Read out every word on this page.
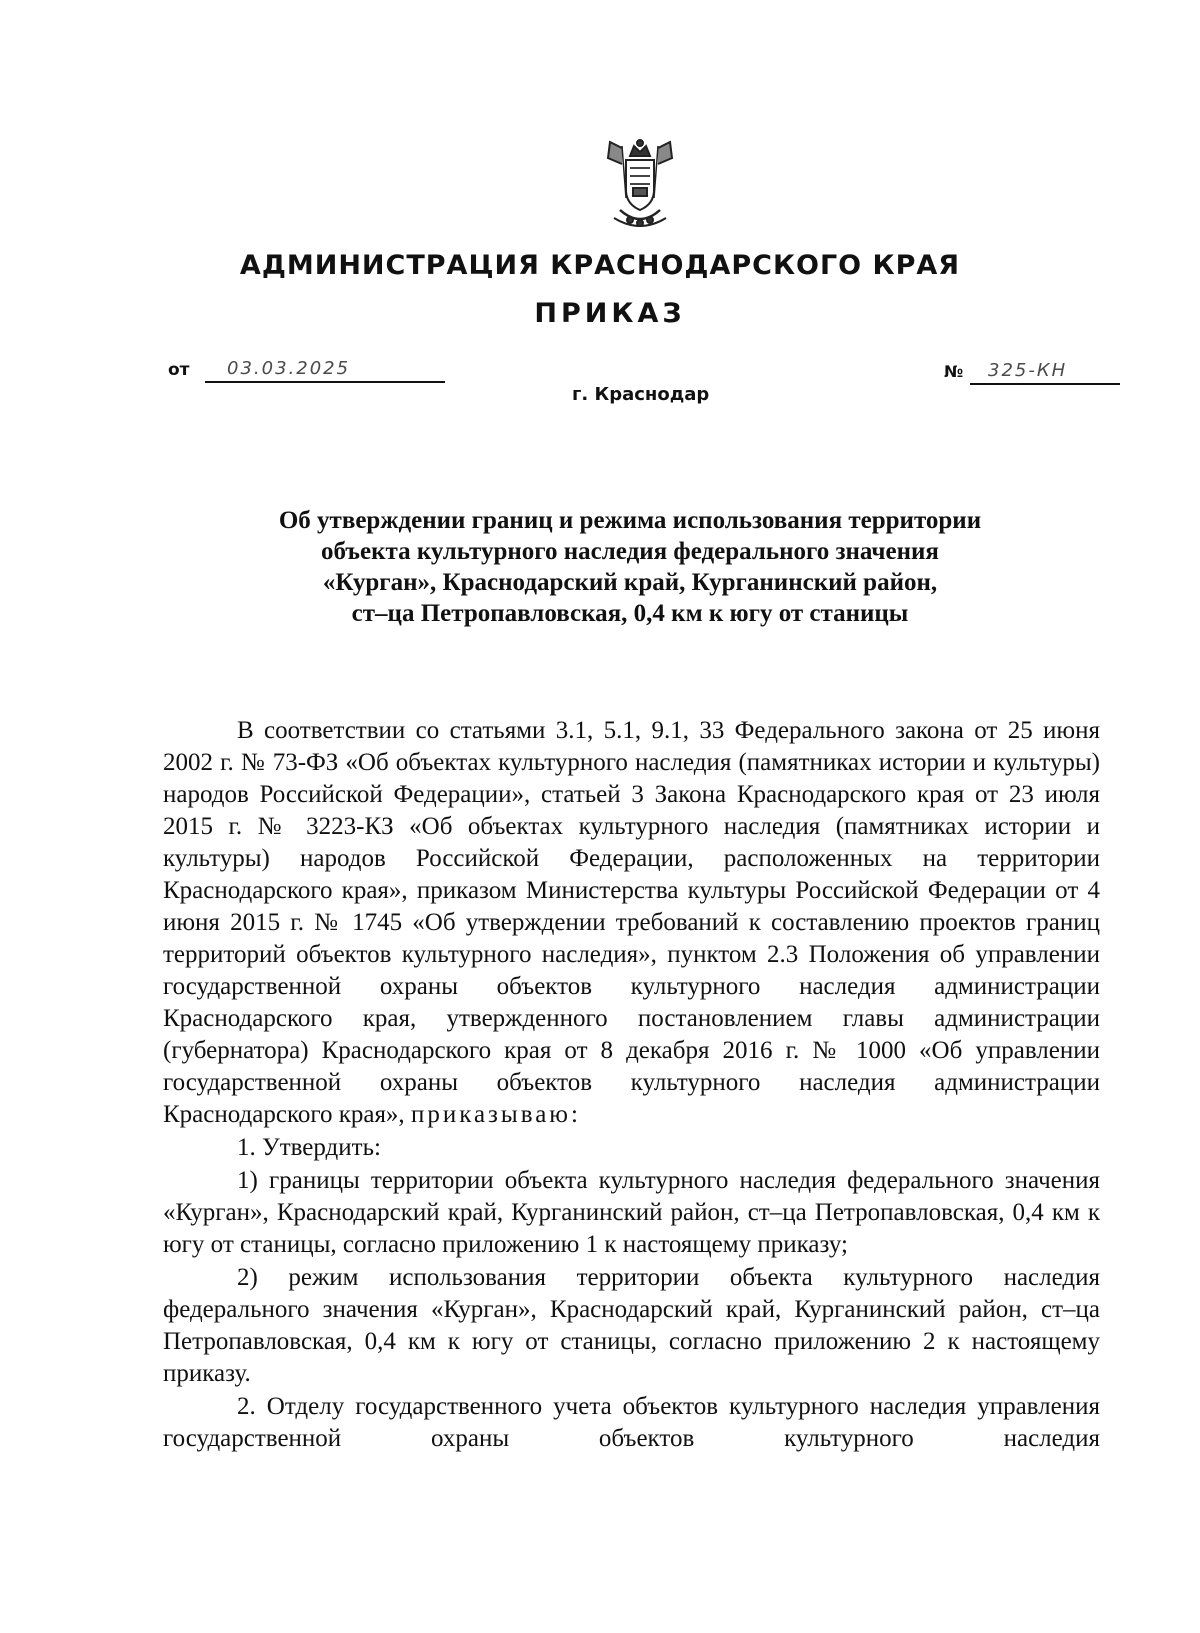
АДМИНИСТРАЦИЯ КРАСНОДАРСКОГО КРАЯ
ПРИКАЗ
от 03.03.2025
г. Краснодар
№ 325-КН
Об утверждении границ и режима использования территории
объекта культурного наследия федерального значения
«Курган», Краснодарский край, Курганинский район,
ст–ца Петропавловская, 0,4 км к югу от станицы

В соответствии со статьями 3.1, 5.1, 9.1, 33 Федерального закона от 25 июня 2002 г. № 73-ФЗ «Об объектах культурного наследия (памятниках истории и культуры) народов Российской Федерации», статьей 3 Закона Краснодарского края от 23 июля 2015 г. № 3223-КЗ «Об объектах культурного наследия (памятниках истории и культуры) народов Российской Федерации, расположенных на территории Краснодарского края», приказом Министерства культуры Российской Федерации от 4 июня 2015 г. № 1745 «Об утверждении требований к составлению проектов границ территорий объектов культурного наследия», пунктом 2.3 Положения об управлении государственной охраны объектов культурного наследия администрации Краснодарского края, утвержденного постановлением главы администрации (губернатора) Краснодарского края от 8 декабря 2016 г. № 1000 «Об управлении государственной охраны объектов культурного наследия администрации Краснодарского края», приказываю:

1. Утвердить:

1) границы территории объекта культурного наследия федерального значения «Курган», Краснодарский край, Курганинский район, ст–ца Петропавловская, 0,4 км к югу от станицы, согласно приложению 1 к настоящему приказу;

2) режим использования территории объекта культурного наследия федерального значения «Курган», Краснодарский край, Курганинский район, ст–ца Петропавловская, 0,4 км к югу от станицы, согласно приложению 2 к настоящему приказу.

2. Отделу государственного учета объектов культурного наследия управления государственной охраны объектов культурного наследия
